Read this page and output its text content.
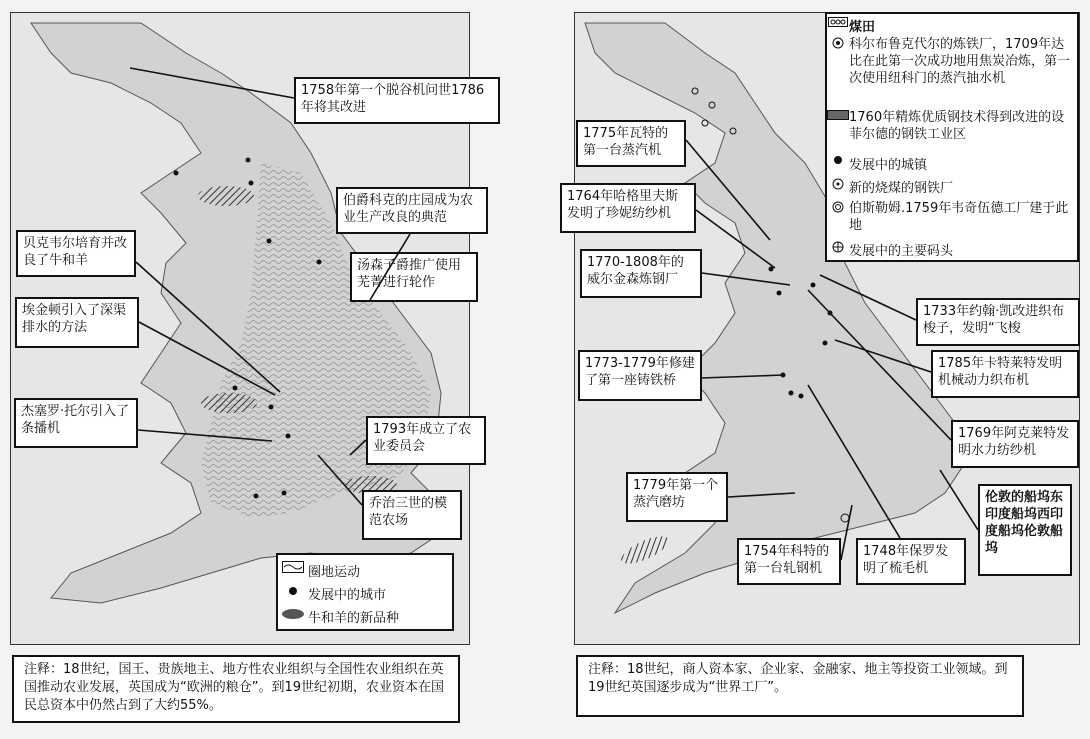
1758年第一个脱谷机问世1786年将其改进
伯爵科克的庄园成为农业生产改良的典范
贝克韦尔培育并改良了牛和羊	汤森子爵推广使用芜菁进行轮作
埃金顿引入了深渠排水的方法
杰塞罗·托尔引入了条播机	1793年成立了农业委员会
乔治三世的模范农场
圈地运动
发展中的城市
牛和羊的新品种
1775年瓦特的第一台蒸汽机
1764年哈格里夫斯发明了珍妮纺纱机
1770-1808年的威尔金森炼钢厂
1733年约翰·凯改进织布梭子，发明“飞梭
1785年卡特莱特发明机械动力织布机
1773-1779年修建了第一座铸铁桥
1769年阿克莱特发明水力纺纱机
1779年第一个蒸汽磨坊
1754年科特的第一台轧钢机
1748年保罗发明了梳毛机
伦敦的船坞东印度船坞西印度船坞伦敦船坞
煤田
科尔布鲁克代尔的炼铁厂，1709年达比在此第一次成功地用焦炭冶炼，第一次使用纽科门的蒸汽抽水机
1760年精炼优质钢技术得到改进的设菲尔德的钢铁工业区
发展中的城镇
新的烧煤的钢铁厂
伯斯勒姆.1759年韦奇伍德工厂建于此地
发展中的主要码头
注释：18世纪，国王、贵族地主、地方性农业组织与全国性农业组织在英国推动农业发展，英国成为“欧洲的粮仓”。到19世纪初期，农业资本在国民总资本中仍然占到了大约55%。
注释：18世纪，商人资本家、企业家、金融家、地主等投资工业领域。到19世纪英国逐步成为“世界工厂”。
